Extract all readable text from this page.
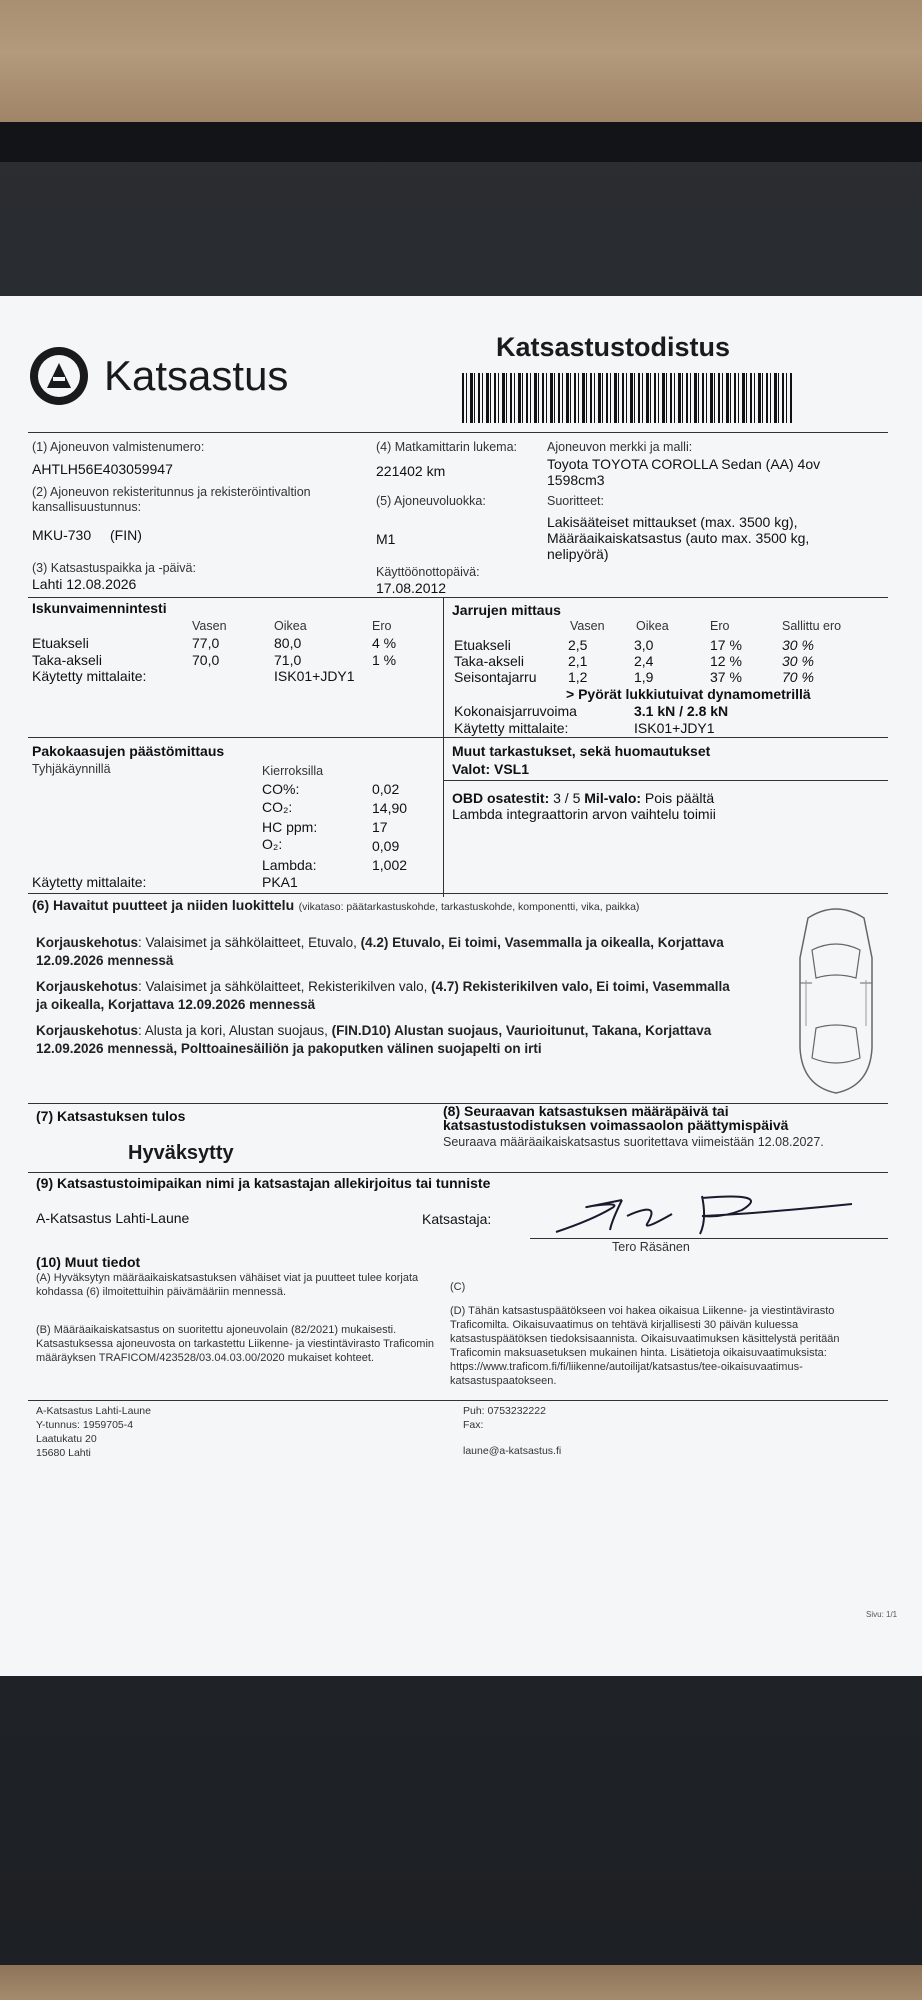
Katsastus
Katsastustodistus
(1) Ajoneuvon valmistenumero:
AHTLH56E403059947
(2) Ajoneuvon rekisteritunnus ja rekisteröintivaltion kansallisuustunnus:
MKU-730 (FIN)
(3) Katsastuspaikka ja -päivä:
Lahti 12.08.2026
(4) Matkamittarin lukema:
221402 km
(5) Ajoneuvoluokka:
M1
Käyttöönottopäivä:
17.08.2012
Ajoneuvon merkki ja malli:
Toyota TOYOTA COROLLA Sedan (AA) 4ov 1598cm3
Suoritteet:
Lakisääteiset mittaukset (max. 3500 kg), Määräaikaiskatsastus (auto max. 3500 kg, nelipyörä)
Iskunvaimennintesti
Vasen	Oikea	Ero
Etuakseli	77,0	80,0	4 %
Taka-akseli	70,0	71,0	1 %
Käytetty mittalaite:	ISK01+JDY1
Jarrujen mittaus
Vasen	Oikea	Ero	Sallittu ero
Etuakseli	2,5	3,0	17 %	30 %
Taka-akseli	2,1	2,4	12 %	30 %
Seisontajarru 1,2	1,9	37 %	70 %
> Pyörät lukkiutuivat dynamometrillä
Kokonaisjarruvoima	3.1 kN / 2.8 kN
Käytetty mittalaite:	ISK01+JDY1
Pakokaasujen päästömittaus
Tyhjäkäynnillä	Kierroksilla
CO%:	0,02
CO₂:	14,90
HC ppm:	17
O₂:	0,09
Lambda:	1,002
Käytetty mittalaite:	PKA1
Muut tarkastukset, sekä huomautukset
Valot: VSL1
OBD osatestit: 3 / 5 Mil-valo: Pois päältä
Lambda integraattorin arvon vaihtelu toimii
(6) Havaitut puutteet ja niiden luokittelu (vikataso: päätarkastuskohde, tarkastuskohde, komponentti, vika, paikka)
Korjauskehotus: Valaisimet ja sähkölaitteet, Etuvalo, (4.2) Etuvalo, Ei toimi, Vasemmalla ja oikealla, Korjattava 12.09.2026 mennessä
Korjauskehotus: Valaisimet ja sähkölaitteet, Rekisterikilven valo, (4.7) Rekisterikilven valo, Ei toimi, Vasemmalla ja oikealla, Korjattava 12.09.2026 mennessä
Korjauskehotus: Alusta ja kori, Alustan suojaus, (FIN.D10) Alustan suojaus, Vaurioitunut, Takana, Korjattava 12.09.2026 mennessä, Polttoainesäiliön ja pakoputken välinen suojapelti on irti
(7) Katsastuksen tulos
Hyväksytty
(8) Seuraavan katsastuksen määräpäivä tai katsastustodistuksen voimassaolon päättymispäivä
Seuraava määräaikaiskatsastus suoritettava viimeistään 12.08.2027.
(9) Katsastustoimipaikan nimi ja katsastajan allekirjoitus tai tunniste
A-Katsastus Lahti-Laune	Katsastaja:
Tero Räsänen
(10) Muut tiedot
(A) Hyväksytyn määräaikaiskatsastuksen vähäiset viat ja puutteet tulee korjata kohdassa (6) ilmoitettuihin päivämääriin mennessä.
(B) Määräaikaiskatsastus on suoritettu ajoneuvolain (82/2021) mukaisesti. Katsastuksessa ajoneuvosta on tarkastettu Liikenne- ja viestintävirasto Traficomin määräyksen TRAFICOM/423528/03.04.03.00/2020 mukaiset kohteet.
(C)
(D) Tähän katsastuspäätökseen voi hakea oikaisua Liikenne- ja viestintävirasto Traficomilta. Oikaisuvaatimus on tehtävä kirjallisesti 30 päivän kuluessa katsastuspäätöksen tiedoksisaannista. Oikaisuvaatimuksen käsittelystä peritään Traficomin maksuasetuksen mukainen hinta. Lisätietoja oikaisuvaatimuksista: https://www.traficom.fi/fi/liikenne/autoilijat/katsastus/tee-oikaisuvaatimus-katsastuspaatokseen.
A-Katsastus Lahti-Laune
Y-tunnus: 1959705-4
Laatukatu 20
15680 Lahti
Puh: 0753232222
Fax:
laune@a-katsastus.fi
Sivu: 1/1
